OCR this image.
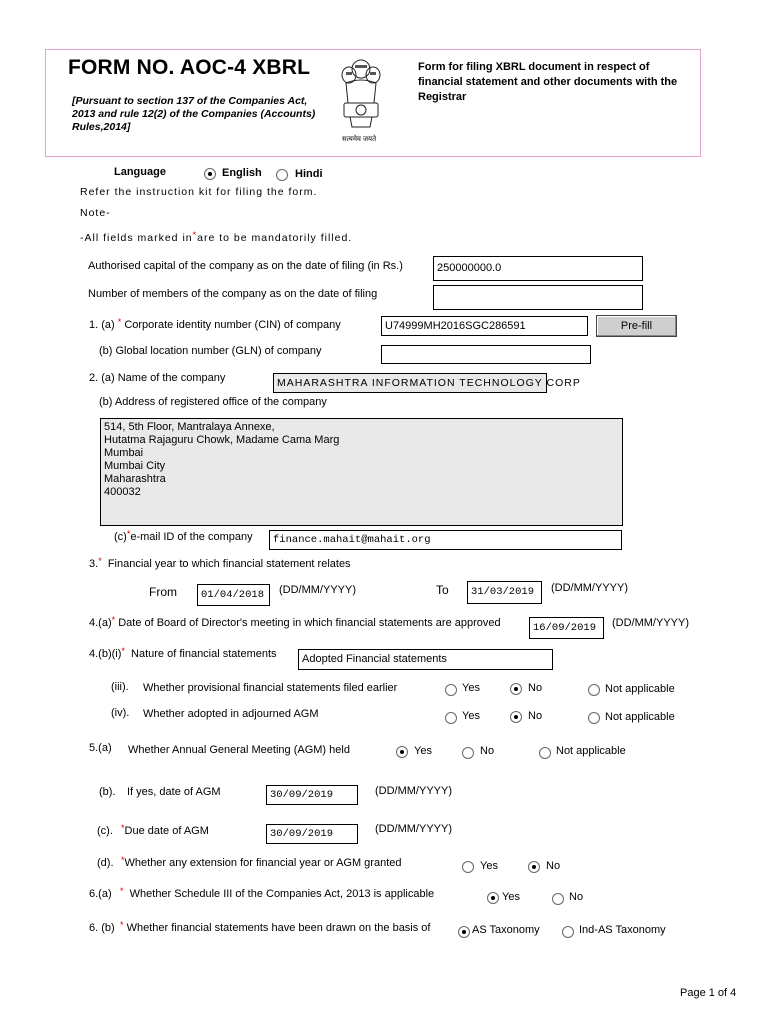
FORM NO. AOC-4 XBRL
[Pursuant to section 137 of the Companies Act, 2013 and rule 12(2) of the Companies (Accounts) Rules,2014]
सत्यमेव जयते
Form for filing XBRL document in respect of financial statement and other documents with the Registrar
Language	English	Hindi
Refer the instruction kit for filing the form.
Note-
-All fields marked in*are to be mandatorily filled.
Authorised capital of the company as on the date of filing (in Rs.)	250000000.0
Number of members of the company as on the date of filing
1. (a) * Corporate identity number (CIN) of company	U74999MH2016SGC286591	Pre-fill
(b) Global location number (GLN) of company
2. (a) Name of the company	MAHARASHTRA INFORMATION TECHNOLOGY CORP
(b) Address of registered office of the company
514, 5th Floor, Mantralaya Annexe,
Hutatma Rajaguru Chowk, Madame Cama Marg
Mumbai
Mumbai City
Maharashtra
400032
(c)*e-mail ID of the company	finance.mahait@mahait.org
3.* Financial year to which financial statement relates
From	01/04/2018	(DD/MM/YYYY)	To	31/03/2019	(DD/MM/YYYY)
4.(a)* Date of Board of Director's meeting in which financial statements are approved	16/09/2019	(DD/MM/YYYY)
4.(b)(i)* Nature of financial statements	Adopted Financial statements
(iii). Whether provisional financial statements filed earlier	Yes	No	Not applicable
(iv). Whether adopted in adjourned AGM	Yes	No	Not applicable
5.(a) Whether Annual General Meeting (AGM) held	Yes	No	Not applicable
(b). If yes, date of AGM	30/09/2019	(DD/MM/YYYY)
(c). *Due date of AGM	30/09/2019	(DD/MM/YYYY)
(d). *Whether any extension for financial year or AGM granted	Yes	No
6.(a) * Whether Schedule III of the Companies Act, 2013 is applicable	Yes	No
6. (b) * Whether financial statements have been drawn on the basis of	AS Taxonomy	Ind-AS Taxonomy
Page 1 of 4
